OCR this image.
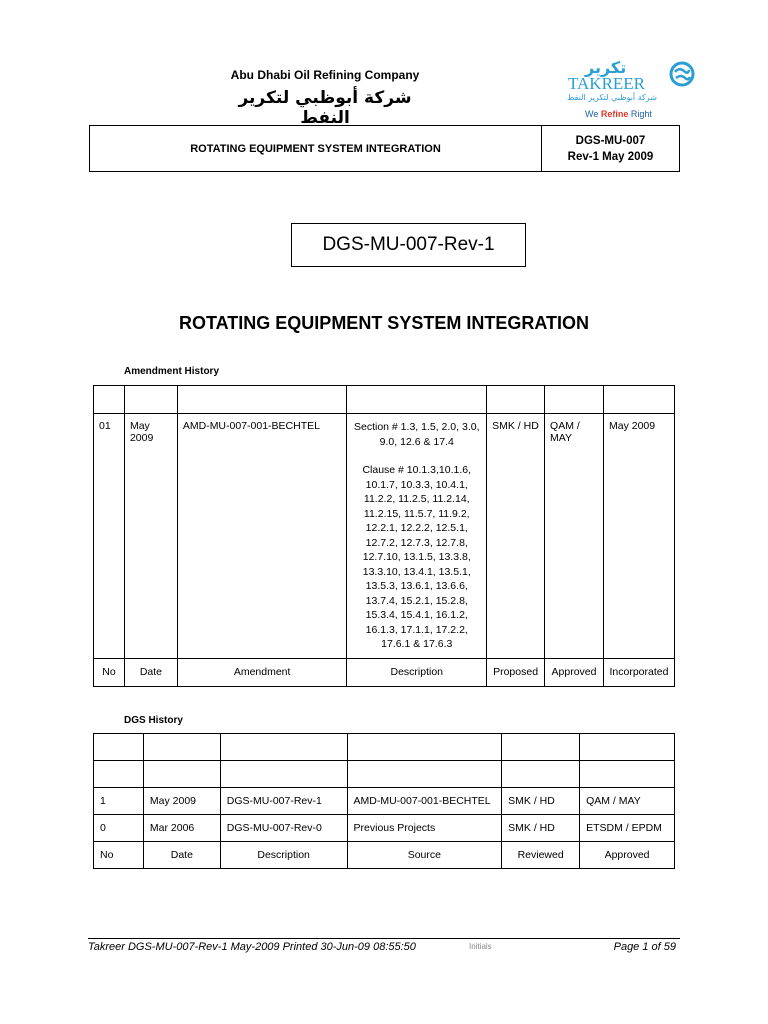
Abu Dhabi Oil Refining Company
شركة أبوظبي لتكرير النفط
تكرير
TAKREER
شركة أبوظبي لتكرير النفط
We Refine Right
ROTATING EQUIPMENT SYSTEM INTEGRATION
DGS-MU-007
Rev-1 May 2009
DGS-MU-007-Rev-1
ROTATING EQUIPMENT SYSTEM INTEGRATION
Amendment History

01	May 2009	AMD-MU-007-001-BECHTEL	Section # 1.3, 1.5, 2.0, 3.0, 9.0, 12.6 & 17.4
Clause # 10.1.3,10.1.6, 10.1.7, 10.3.3, 10.4.1, 11.2.2, 11.2.5, 11.2.14, 11.2.15, 11.5.7, 11.9.2, 12.2.1, 12.2.2, 12.5.1, 12.7.2, 12.7.3, 12.7.8, 12.7.10, 13.1.5, 13.3.8, 13.3.10, 13.4.1, 13.5.1, 13.5.3, 13.6.1, 13.6.6, 13.7.4, 15.2.1, 15.2.8, 15.3.4, 15.4.1, 16.1.2, 16.1.3, 17.1.1, 17.2.2, 17.6.1 & 17.6.3	SMK / HD	QAM / MAY	May 2009
No	Date	Amendment	Description	Proposed	Approved	Incorporated
DGS History

1	May 2009	DGS-MU-007-Rev-1	AMD-MU-007-001-BECHTEL	SMK / HD	QAM / MAY
0	Mar 2006	DGS-MU-007-Rev-0	Previous Projects	SMK / HD	ETSDM / EPDM
No	Date	Description	Source	Reviewed	Approved
Takreer DGS-MU-007-Rev-1 May-2009 Printed 30-Jun-09 08:55:50	Initials	Page 1 of 59
